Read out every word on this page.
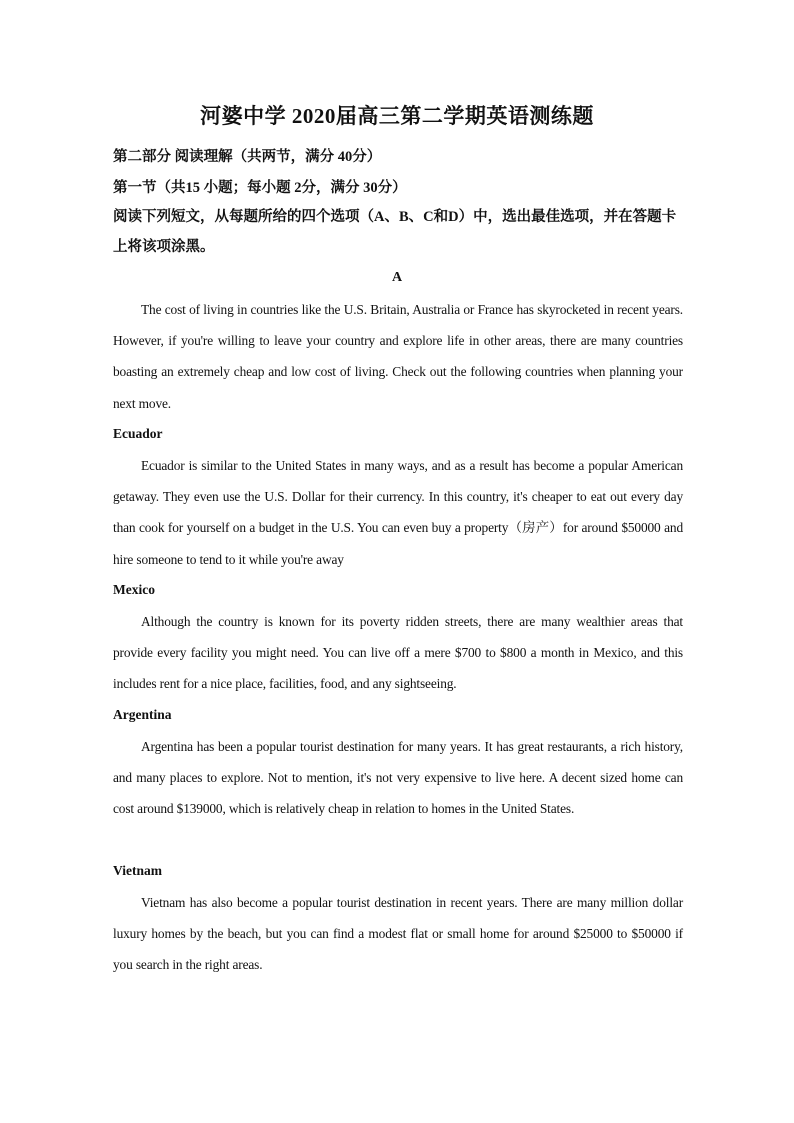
河婆中学 2020届高三第二学期英语测练题
第二部分 阅读理解（共两节，满分 40分）
第一节（共15 小题；每小题 2分，满分 30分）
阅读下列短文，从每题所给的四个选项（A、B、C和D）中，选出最佳选项，并在答题卡上将该项涂黑。
A
The cost of living in countries like the U.S. Britain, Australia or France has skyrocketed in recent years. However, if you're willing to leave your country and explore life in other areas, there are many countries boasting an extremely cheap and low cost of living. Check out the following countries when planning your next move.
Ecuador
Ecuador is similar to the United States in many ways, and as a result has become a popular American getaway. They even use the U.S. Dollar for their currency. In this country, it's cheaper to eat out every day than cook for yourself on a budget in the U.S. You can even buy a property（房产）for around $50000 and hire someone to tend to it while you're away
Mexico
Although the country is known for its poverty ridden streets, there are many wealthier areas that provide every facility you might need. You can live off a mere $700 to $800 a month in Mexico, and this includes rent for a nice place, facilities, food, and any sightseeing.
Argentina
Argentina has been a popular tourist destination for many years. It has great restaurants, a rich history, and many places to explore. Not to mention, it's not very expensive to live here. A decent sized home can cost around $139000, which is relatively cheap in relation to homes in the United States.
Vietnam
Vietnam has also become a popular tourist destination in recent years. There are many million dollar luxury homes by the beach, but you can find a modest flat or small home for around $25000 to $50000 if you search in the right areas.
